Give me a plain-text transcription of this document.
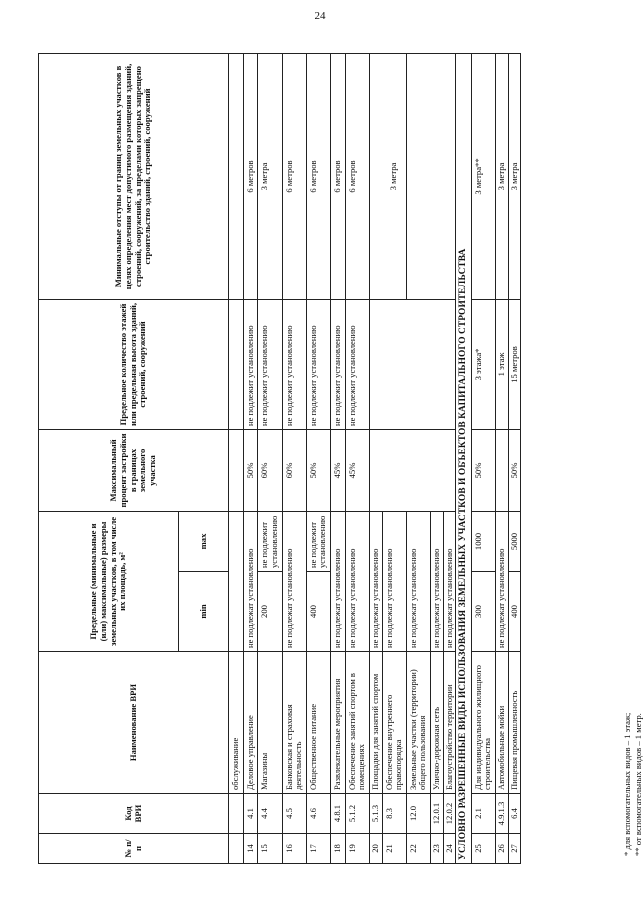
24
№ п/п	Код ВРИ	Наименование ВРИ	Предельные (минимальные и (или) максимальные) размеры земельных участков, в том числе их площадь, м²		Максимальный процент застройки в границах земельного участка	Предельное количество этажей или предельная высота зданий, строений, сооружений	Минимальные отступы от границ земельных участков в целях определения мест допустимого размещения зданий, строений, сооружений, за пределами которых запрещено строительство зданий, строений, сооружений
			min	max			
		обслуживание					
14	4.1	Деловое управление	не подлежат установлению		50%	не подлежит установлению	6 метров
15	4.4	Магазины	200	не подлежит установлению	60%	не подлежит установлению	3 метра
16	4.5	Банковская и страховая деятельность	не подлежат установлению		60%	не подлежит установлению	6 метров
17	4.6	Общественное питание	400	не подлежит установлению	50%	не подлежит установлению	6 метров
18	4.8.1	Развлекательные мероприятия	не подлежат установлению		45%	не подлежит установлению	6 метров
19	5.1.2	Обеспечение занятий спортом в помещениях	не подлежат установлению		45%	не подлежит установлению	6 метров
20	5.1.3	Площадки для занятий спортом	не подлежат установлению				
21	8.3	Обеспечение внутреннего правопорядка	не подлежат установлению				3 метра
22	12.0	Земельные участки (территории) общего пользования	не подлежат установлению				
23	12.0.1	Улично-дорожная сеть	не подлежат установлению				
24	12.0.2	Благоустройство территории	не подлежат установлению				
УСЛОВНО РАЗРЕШЕННЫЕ ВИДЫ ИСПОЛЬЗОВАНИЯ ЗЕМЕЛЬНЫХ УЧАСТКОВ И ОБЪЕКТОВ КАПИТАЛЬНОГО СТРОИТЕЛЬСТВА							
25	2.1	Для индивидуального жилищного строительства	300	1000	50%	3 этажа*	3 метра**
26	4.9.1.3	Автомобильные мойки	не подлежат установлению			1 этаж	3 метра
27	6.4	Пищевая промышленность	400	5000	50%	15 метров	3 метра
* для вспомогательных видов – 1 этаж; ** от вспомогательных видов – 1 метр.
